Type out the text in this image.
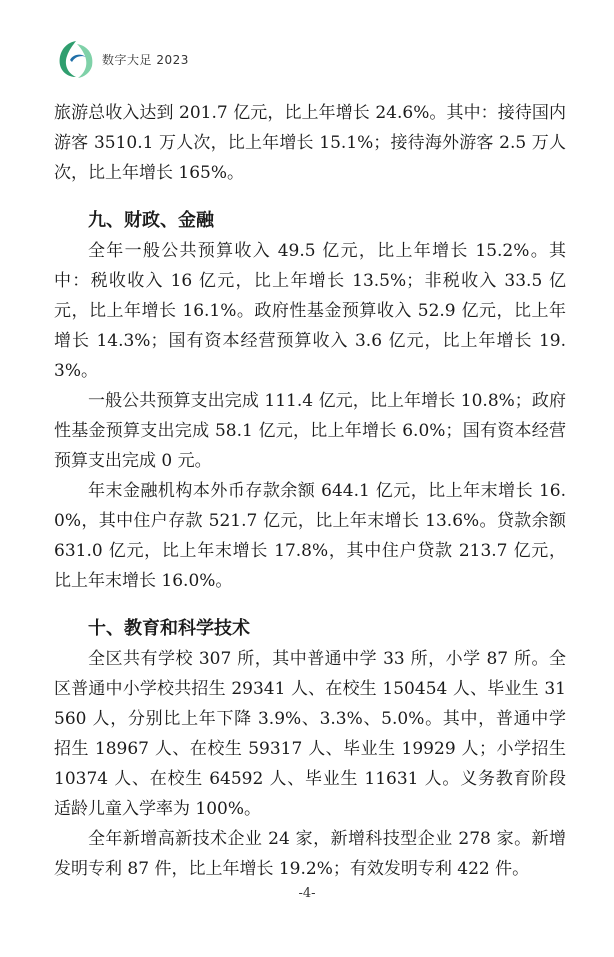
数字大足 2023

旅游总收入达到 201.7 亿元，比上年增长 24.6%。其中：接待国内游客 3510.1 万人次，比上年增长 15.1%；接待海外游客 2.5 万人次，比上年增长 165%。

九、财政、金融

全年一般公共预算收入 49.5 亿元，比上年增长 15.2%。其中：税收收入 16 亿元，比上年增长 13.5%；非税收入 33.5 亿元，比上年增长 16.1%。政府性基金预算收入 52.9 亿元，比上年增长 14.3%；国有资本经营预算收入 3.6 亿元，比上年增长 19.3%。

一般公共预算支出完成 111.4 亿元，比上年增长 10.8%；政府性基金预算支出完成 58.1 亿元，比上年增长 6.0%；国有资本经营预算支出完成 0 元。

年末金融机构本外币存款余额 644.1 亿元，比上年末增长 16.0%，其中住户存款 521.7 亿元，比上年末增长 13.6%。贷款余额 631.0 亿元，比上年末增长 17.8%，其中住户贷款 213.7 亿元，比上年末增长 16.0%。

十、教育和科学技术

全区共有学校 307 所，其中普通中学 33 所，小学 87 所。全区普通中小学校共招生 29341 人、在校生 150454 人、毕业生 31560 人，分别比上年下降 3.9%、3.3%、5.0%。其中，普通中学招生 18967 人、在校生 59317 人、毕业生 19929 人；小学招生 10374 人、在校生 64592 人、毕业生 11631 人。义务教育阶段适龄儿童入学率为 100%。

全年新增高新技术企业 24 家，新增科技型企业 278 家。新增发明专利 87 件，比上年增长 19.2%；有效发明专利 422 件。

-4-
